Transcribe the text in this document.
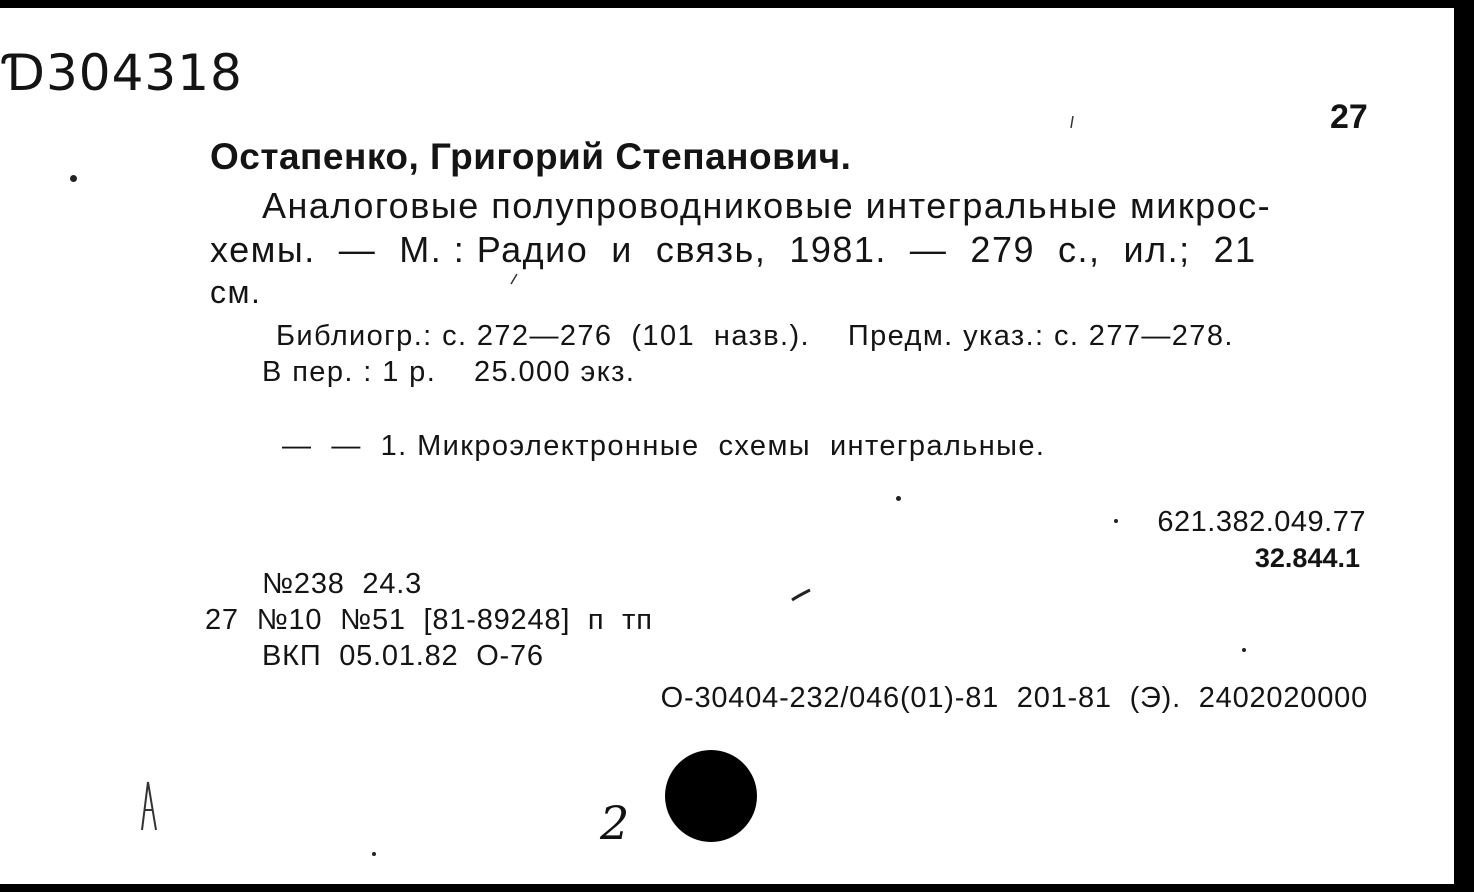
Ɗ304318
27
Остапенко, Григорий Степанович.
Аналоговые полупроводниковые интегральные микрос-
хемы.  —  М. : Радио  и  связь,  1981.  —  279  с.,  ил.;  21
см.
Библиогр.: с. 272—276  (101  назв.).    Предм. указ.: с. 277—278.
В пер. : 1 р.    25.000 экз.
—  —  1. Микроэлектронные  схемы  интегральные.
621.382.049.77
32.844.1
№238  24.3
27  №10  №51  [81-89248]  п  тп
ВКП  05.01.82  О-76
О-30404-232/046(01)-81  201-81  (Э).  2402020000
2
